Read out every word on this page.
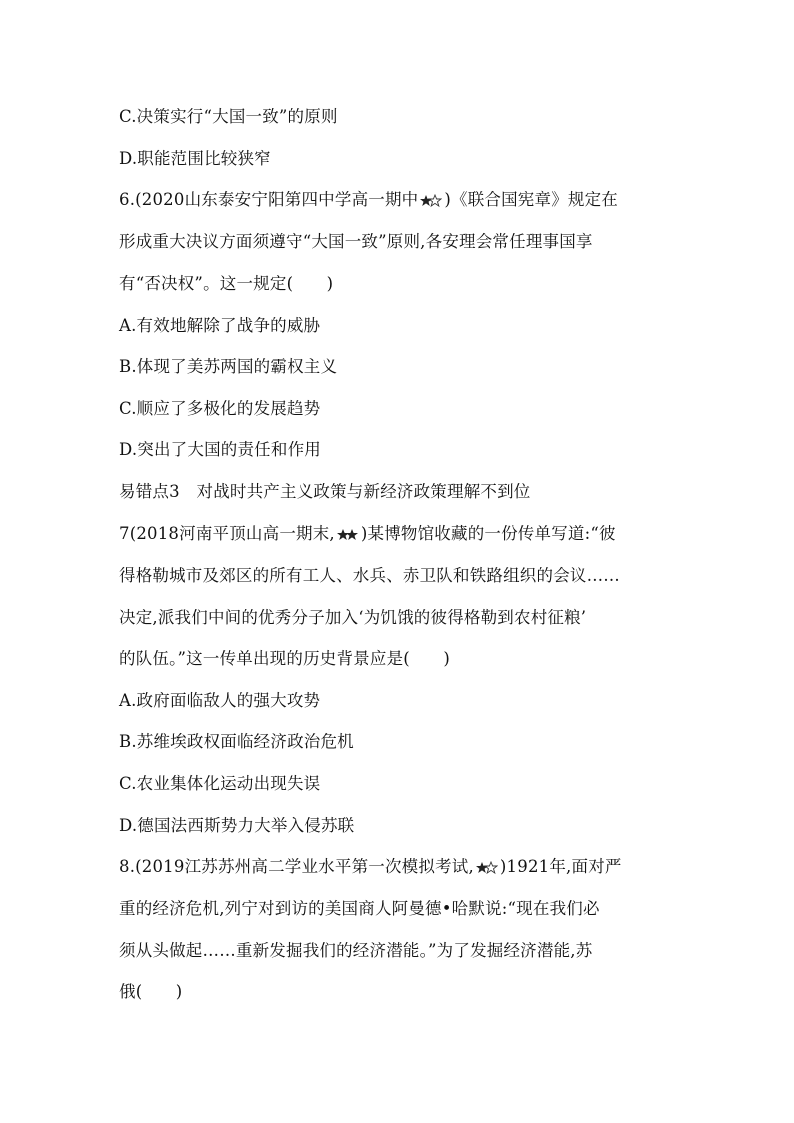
C.决策实行“大国一致”的原则
D.职能范围比较狭窄
6.(2020山东泰安宁阳第四中学高一期中 )《联合国宪章》规定在
形成重大决议方面须遵守“大国一致”原则,各安理会常任理事国享
有“否决权”。这一规定(　　)
A.有效地解除了战争的威胁
B.体现了美苏两国的霸权主义
C.顺应了多极化的发展趋势
D.突出了大国的责任和作用
易错点3　对战时共产主义政策与新经济政策理解不到位
7(2018河南平顶山高一期末, )某博物馆收藏的一份传单写道:“彼
得格勒城市及郊区的所有工人、水兵、赤卫队和铁路组织的会议……
决定,派我们中间的优秀分子加入‘为饥饿的彼得格勒到农村征粮’
的队伍。”这一传单出现的历史背景应是(　　)
A.政府面临敌人的强大攻势
B.苏维埃政权面临经济政治危机
C.农业集体化运动出现失误
D.德国法西斯势力大举入侵苏联
8.(2019江苏苏州高二学业水平第一次模拟考试, )1921年,面对严
重的经济危机,列宁对到访的美国商人阿曼德•哈默说:“现在我们必
须从头做起……重新发掘我们的经济潜能。”为了发掘经济潜能,苏
俄(　　)
